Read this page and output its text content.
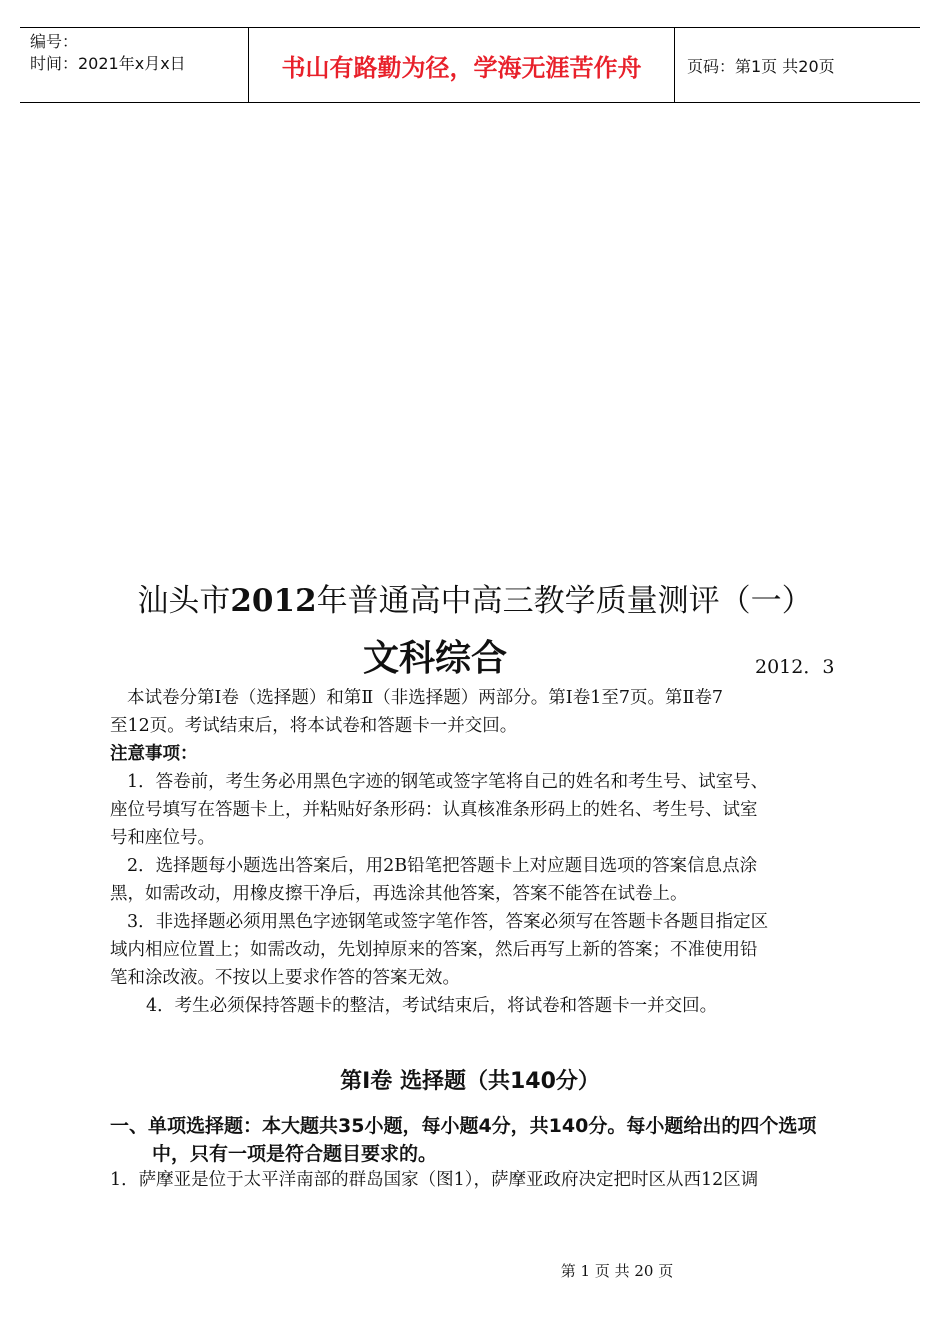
编号：
时间：2021年x月x日	书山有路勤为径，学海无涯苦作舟	页码：第1页 共20页
汕头市2012年普通高中高三教学质量测评（一）
文科综合	2012．3
本试卷分第Ⅰ卷（选择题）和第Ⅱ（非选择题）两部分。第Ⅰ卷1至7页。第Ⅱ卷7
至12页。考试结束后，将本试卷和答题卡一并交回。
注意事项：
1．答卷前，考生务必用黑色字迹的钢笔或签字笔将自己的姓名和考生号、试室号、
座位号填写在答题卡上，并粘贴好条形码：认真核准条形码上的姓名、考生号、试室
号和座位号。
2．选择题每小题选出答案后，用2B铅笔把答题卡上对应题目选项的答案信息点涂
黑，如需改动，用橡皮擦干净后，再选涂其他答案，答案不能答在试卷上。
3．非选择题必须用黑色字迹钢笔或签字笔作答，答案必须写在答题卡各题目指定区
域内相应位置上；如需改动，先划掉原来的答案，然后再写上新的答案；不准使用铅
笔和涂改液。不按以上要求作答的答案无效。
4．考生必须保持答题卡的整洁，考试结束后，将试卷和答题卡一并交回。
第Ⅰ卷 选择题（共140分）
一、单项选择题：本大题共35小题，每小题4分，共140分。每小题给出的四个选项中，只有一项是符合题目要求的。
1．萨摩亚是位于太平洋南部的群岛国家（图1），萨摩亚政府决定把时区从西12区调
第 1 页 共 20 页
